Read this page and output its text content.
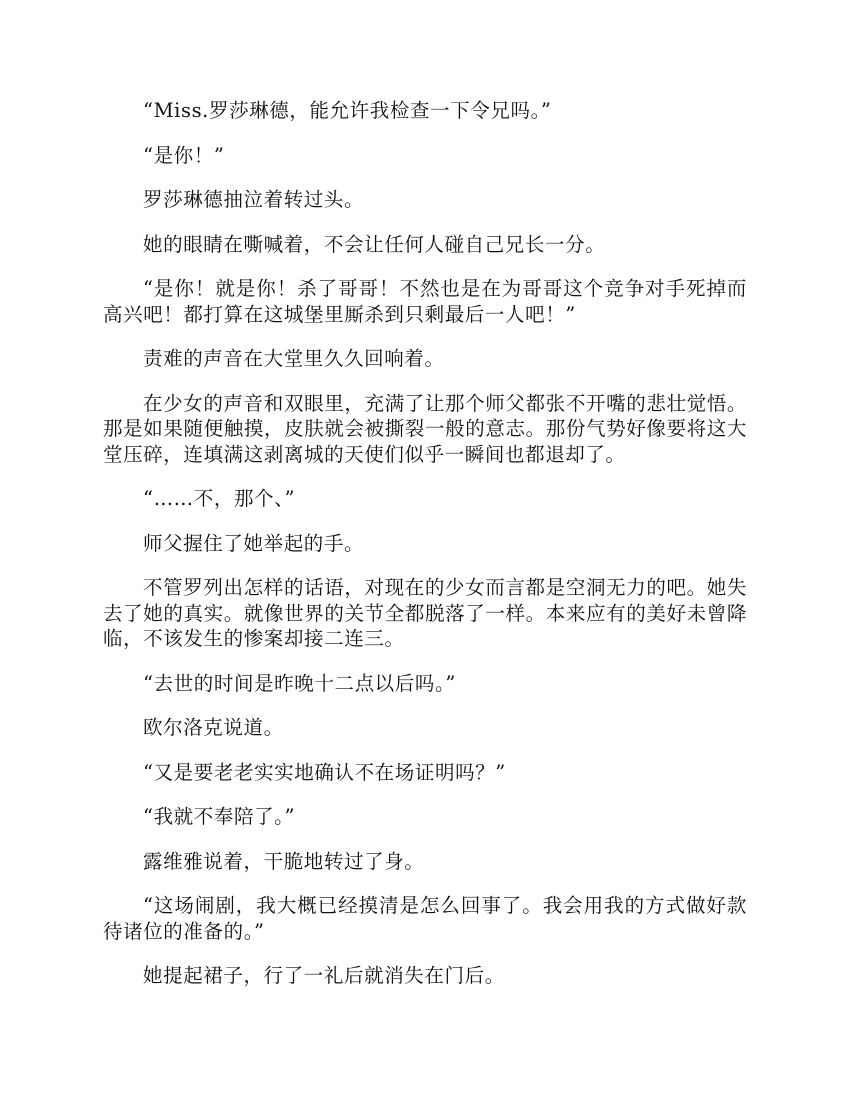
“Miss.罗莎琳德，能允许我检查一下令兄吗。”

“是你！”

罗莎琳德抽泣着转过头。

她的眼睛在嘶喊着，不会让任何人碰自己兄长一分。

“是你！就是你！杀了哥哥！不然也是在为哥哥这个竞争对手死掉而高兴吧！都打算在这城堡里厮杀到只剩最后一人吧！”

责难的声音在大堂里久久回响着。

在少女的声音和双眼里，充满了让那个师父都张不开嘴的悲壮觉悟。那是如果随便触摸，皮肤就会被撕裂一般的意志。那份气势好像要将这大堂压碎，连填满这剥离城的天使们似乎一瞬间也都退却了。

“……不，那个、”

师父握住了她举起的手。

不管罗列出怎样的话语，对现在的少女而言都是空洞无力的吧。她失去了她的真实。就像世界的关节全都脱落了一样。本来应有的美好未曾降临，不该发生的惨案却接二连三。

“去世的时间是昨晚十二点以后吗。”

欧尔洛克说道。

“又是要老老实实地确认不在场证明吗？”

“我就不奉陪了。”

露维雅说着，干脆地转过了身。

“这场闹剧，我大概已经摸清是怎么回事了。我会用我的方式做好款待诸位的准备的。”

她提起裙子，行了一礼后就消失在门后。
